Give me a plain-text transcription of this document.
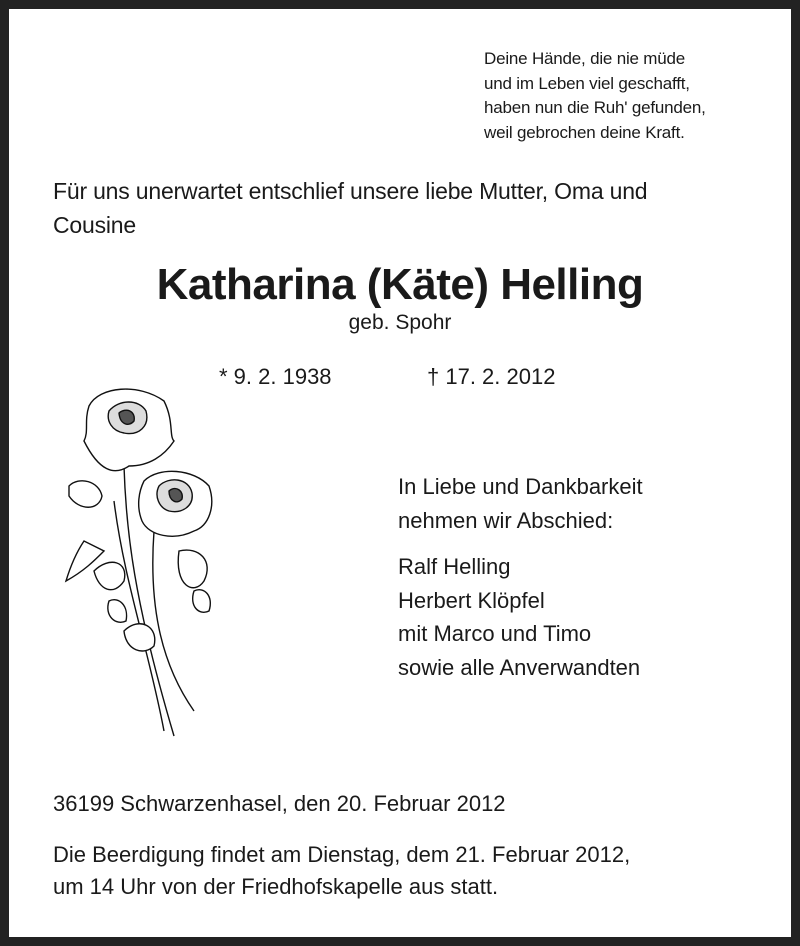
Deine Hände, die nie müde
und im Leben viel geschafft,
haben nun die Ruh' gefunden,
weil gebrochen deine Kraft.
Für uns unerwartet entschlief unsere liebe Mutter, Oma und
Cousine
Katharina (Käte) Helling
geb. Spohr
* 9. 2. 1938	† 17. 2. 2012
In Liebe und Dankbarkeit
nehmen wir Abschied:
Ralf Helling
Herbert Klöpfel
mit Marco und Timo
sowie alle Anverwandten
36199 Schwarzenhasel, den 20. Februar 2012
Die Beerdigung findet am Dienstag, dem 21. Februar 2012,
um 14 Uhr von der Friedhofskapelle aus statt.
